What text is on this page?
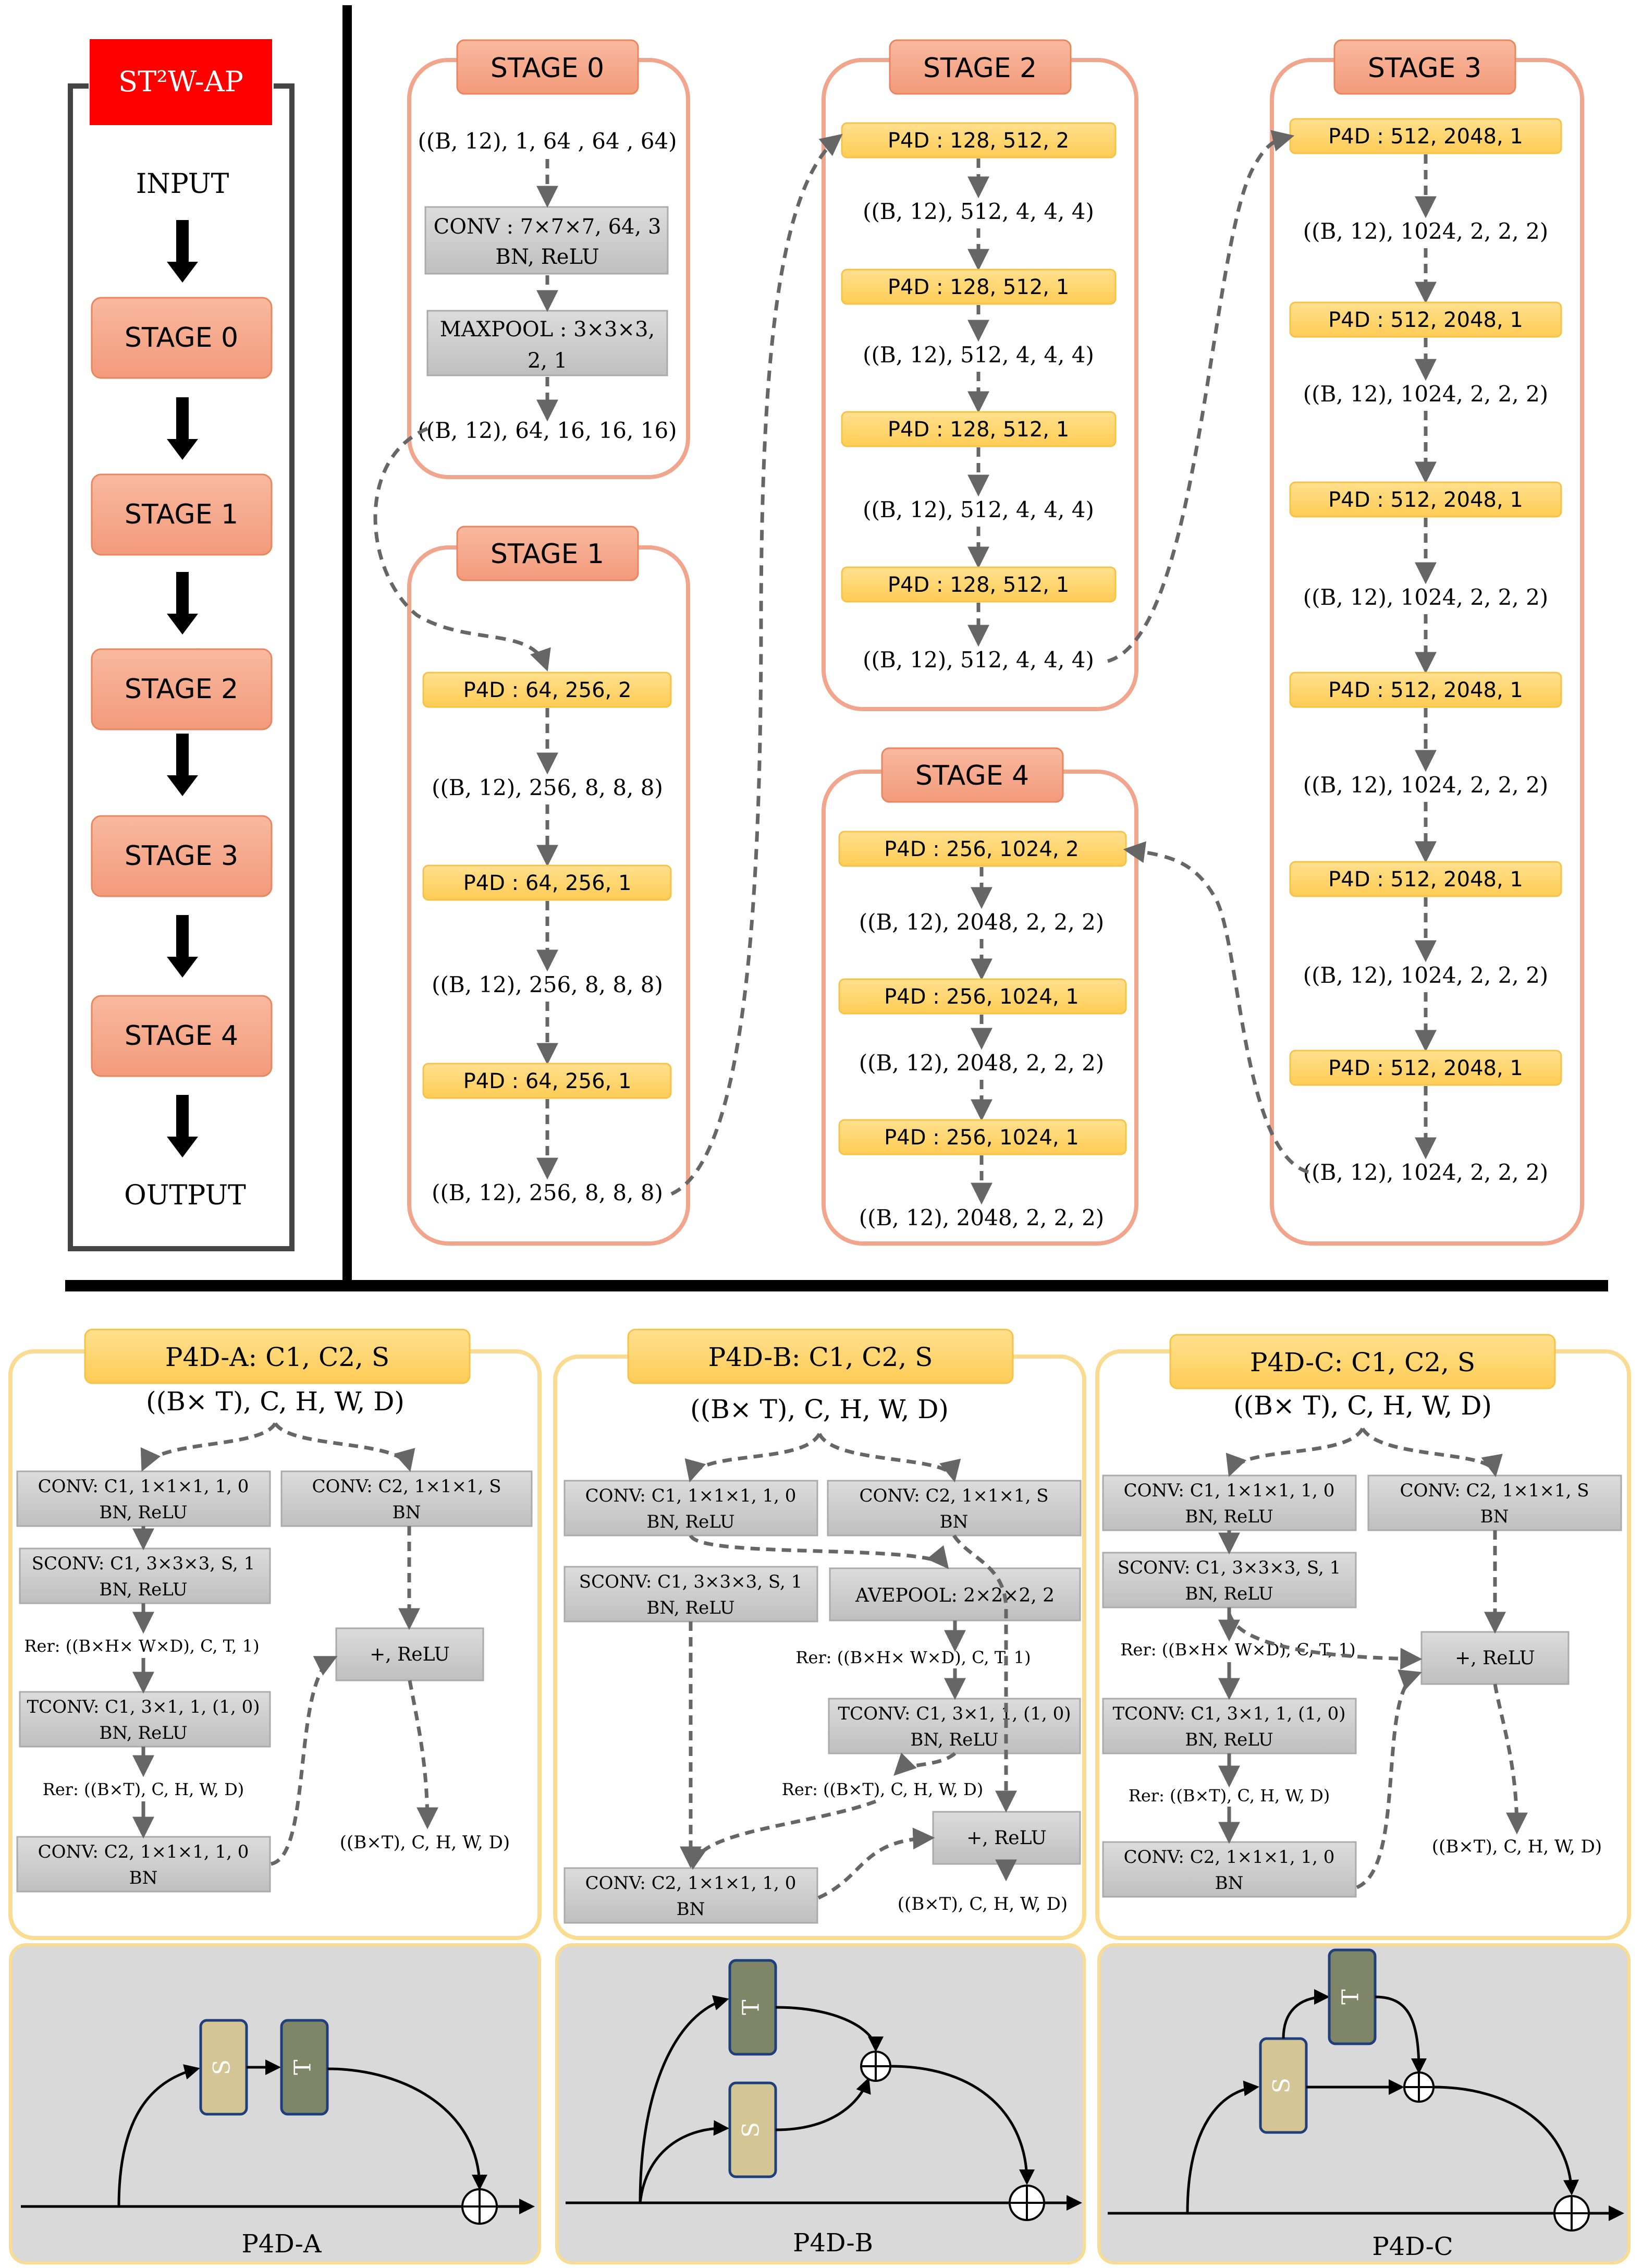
ST²W-AP
INPUT
STAGE 0
STAGE 1
STAGE 2
STAGE 3
STAGE 4
OUTPUT
STAGE 0
((B, 12), 1, 64 , 64 , 64)
CONV : 7×7×7, 64, 3
BN, ReLU
MAXPOOL : 3×3×3,
2, 1
((B, 12), 64, 16, 16, 16)
STAGE 1
P4D : 64, 256, 2
((B, 12), 256, 8, 8, 8)
P4D : 64, 256, 1
((B, 12), 256, 8, 8, 8)
P4D : 64, 256, 1
((B, 12), 256, 8, 8, 8)
STAGE 2
P4D : 128, 512, 2
((B, 12), 512, 4, 4, 4)
P4D : 128, 512, 1
((B, 12), 512, 4, 4, 4)
P4D : 128, 512, 1
((B, 12), 512, 4, 4, 4)
P4D : 128, 512, 1
((B, 12), 512, 4, 4, 4)
STAGE 4
P4D : 256, 1024, 2
((B, 12), 2048, 2, 2, 2)
P4D : 256, 1024, 1
((B, 12), 2048, 2, 2, 2)
P4D : 256, 1024, 1
((B, 12), 2048, 2, 2, 2)
STAGE 3
P4D : 512, 2048, 1
((B, 12), 1024, 2, 2, 2)
P4D : 512, 2048, 1
((B, 12), 1024, 2, 2, 2)
P4D : 512, 2048, 1
((B, 12), 1024, 2, 2, 2)
P4D : 512, 2048, 1
((B, 12), 1024, 2, 2, 2)
P4D : 512, 2048, 1
((B, 12), 1024, 2, 2, 2)
P4D : 512, 2048, 1
((B, 12), 1024, 2, 2, 2)
P4D-A: C1, C2, S
((B× T), C, H, W, D)
CONV: C1, 1×1×1, 1, 0
BN, ReLU
SCONV: C1, 3×3×3, S, 1
BN, ReLU
Rer: ((B×H× W×D), C, T, 1)
TCONV: C1, 3×1, 1, (1, 0)
BN, ReLU
Rer: ((B×T), C, H, W, D)
CONV: C2, 1×1×1, 1, 0
BN
CONV: C2, 1×1×1, S
BN
+, ReLU
((B×T), C, H, W, D)
P4D-B: C1, C2, S
((B× T), C, H, W, D)
CONV: C1, 1×1×1, 1, 0
BN, ReLU
CONV: C2, 1×1×1, S
BN
SCONV: C1, 3×3×3, S, 1
BN, ReLU
AVEPOOL: 2×2×2, 2
Rer: ((B×H× W×D), C, T, 1)
TCONV: C1, 3×1, 1, (1, 0)
BN, ReLU
Rer: ((B×T), C, H, W, D)
+, ReLU
CONV: C2, 1×1×1, 1, 0
BN	((B×T), C, H, W, D)
P4D-C: C1, C2, S
((B× T), C, H, W, D)
CONV: C1, 1×1×1, 1, 0
BN, ReLU
CONV: C2, 1×1×1, S
BN
SCONV: C1, 3×3×3, S, 1
BN, ReLU
Rer: ((B×H× W×D), C, T, 1)	+, ReLU
TCONV: C1, 3×1, 1, (1, 0)
BN, ReLU
Rer: ((B×T), C, H, W, D)
CONV: C2, 1×1×1, 1, 0
BN
((B×T), C, H, W, D)
S T
P4D-A
T
S
P4D-B
S
T
P4D-C
